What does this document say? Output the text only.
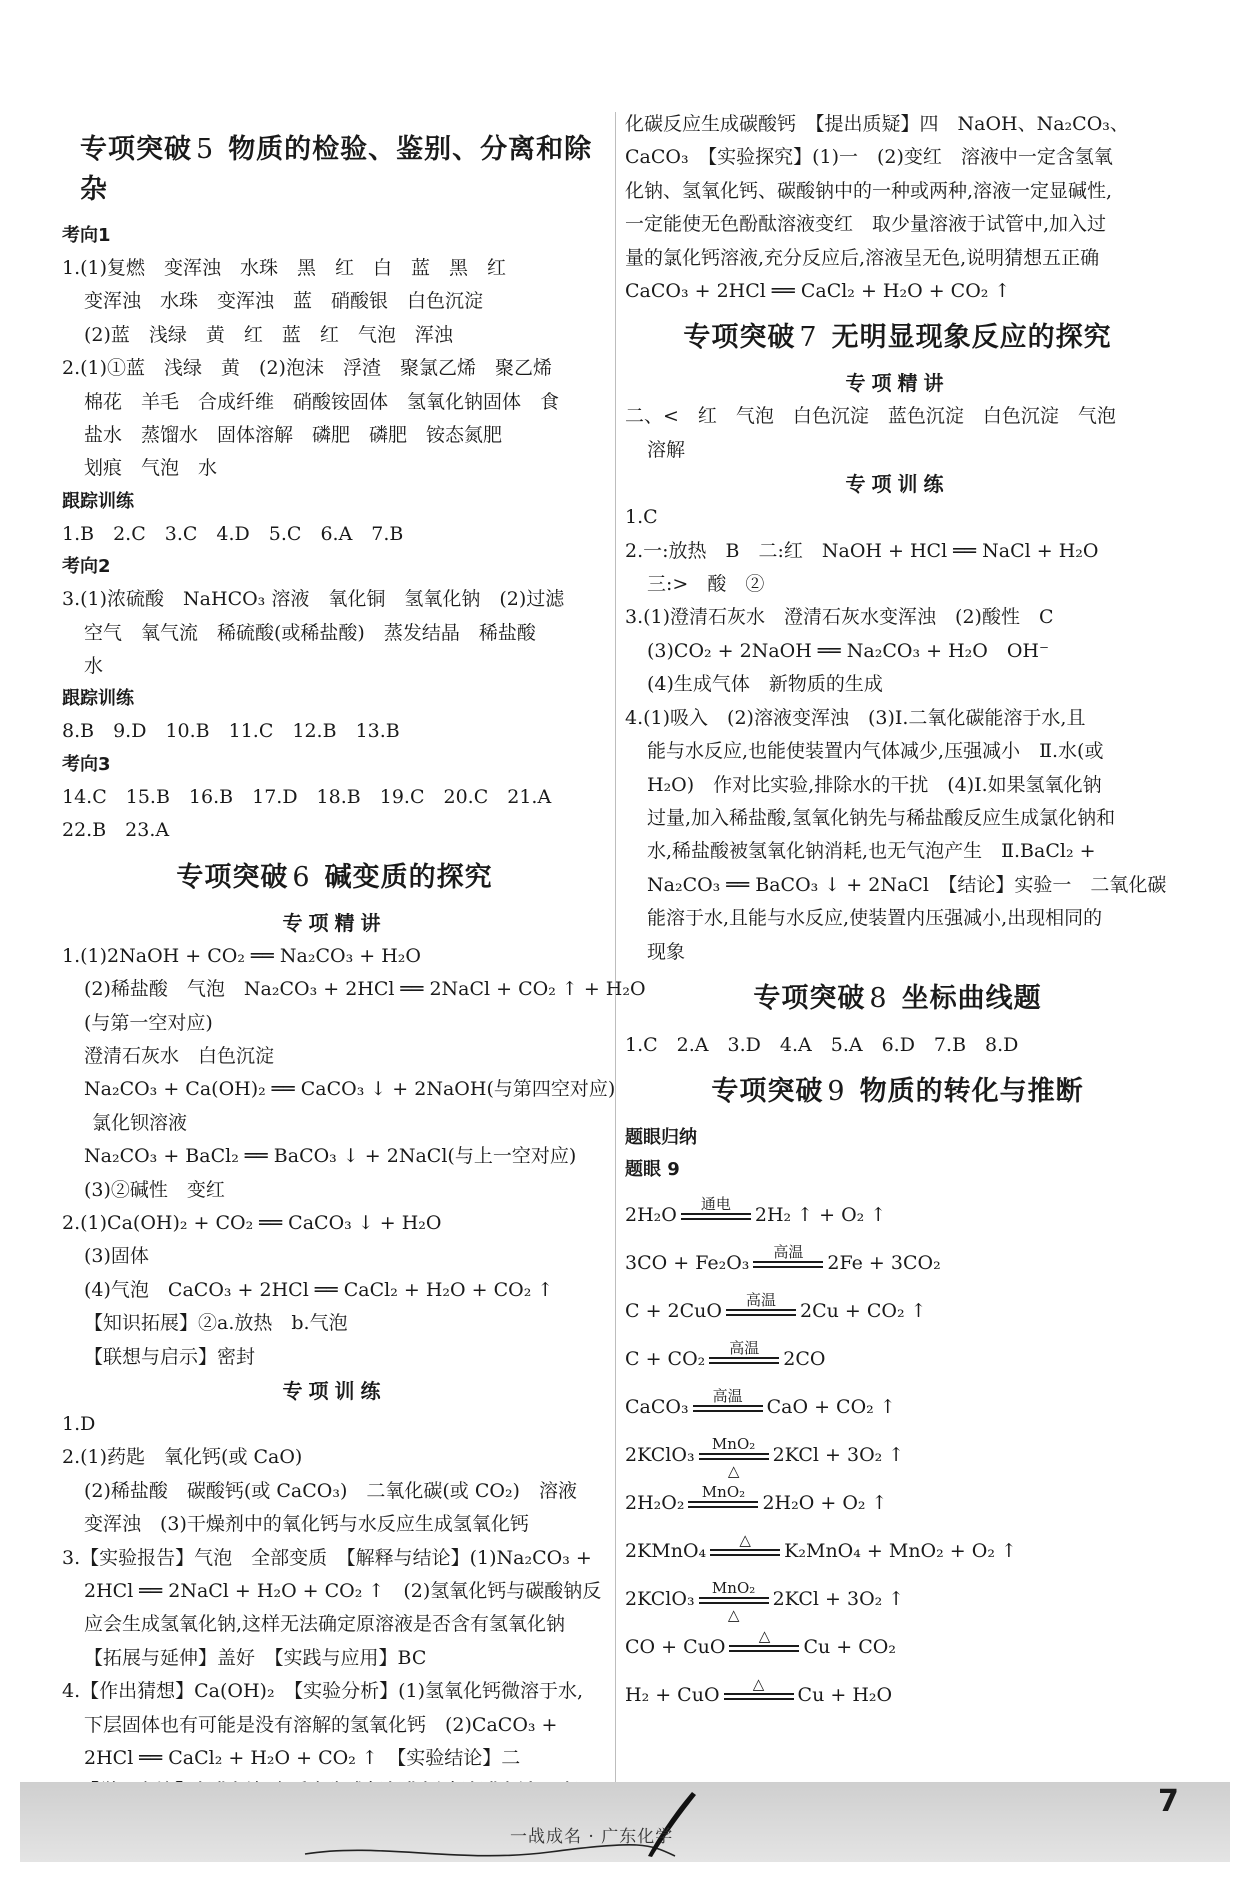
专项突破 5 物质的检验、鉴别、分离和除杂
考向1
1.(1)复燃　变浑浊　水珠　黑　红　白　蓝　黑　红
变浑浊　水珠　变浑浊　蓝　硝酸银　白色沉淀
(2)蓝　浅绿　黄　红　蓝　红　气泡　浑浊
2.(1)①蓝　浅绿　黄　(2)泡沫　浮渣　聚氯乙烯　聚乙烯
棉花　羊毛　合成纤维　硝酸铵固体　氢氧化钠固体　食
盐水　蒸馏水　固体溶解　磷肥　磷肥　铵态氮肥
划痕　气泡　水
跟踪训练
1.B　2.C　3.C　4.D　5.C　6.A　7.B
考向2
3.(1)浓硫酸　NaHCO₃ 溶液　氧化铜　氢氧化钠　(2)过滤
空气　氧气流　稀硫酸(或稀盐酸)　蒸发结晶　稀盐酸
水
跟踪训练
8.B　9.D　10.B　11.C　12.B　13.B
考向3
14.C　15.B　16.B　17.D　18.B　19.C　20.C　21.A
22.B　23.A
专项突破 6 碱变质的探究
专项精讲
1.(1)2NaOH + CO₂ ══ Na₂CO₃ + H₂O
(2)稀盐酸　气泡　Na₂CO₃ + 2HCl ══ 2NaCl + CO₂ ↑ + H₂O
(与第一空对应)
澄清石灰水　白色沉淀
Na₂CO₃ + Ca(OH)₂ ══ CaCO₃ ↓ + 2NaOH(与第四空对应)
氯化钡溶液
Na₂CO₃ + BaCl₂ ══ BaCO₃ ↓ + 2NaCl(与上一空对应)
(3)②碱性　变红
2.(1)Ca(OH)₂ + CO₂ ══ CaCO₃ ↓ + H₂O
(3)固体
(4)气泡　CaCO₃ + 2HCl ══ CaCl₂ + H₂O + CO₂ ↑
【知识拓展】②a.放热　b.气泡
【联想与启示】密封
专项训练
1.D
2.(1)药匙　氧化钙(或 CaO)
(2)稀盐酸　碳酸钙(或 CaCO₃)　二氧化碳(或 CO₂)　溶液
变浑浊　(3)干燥剂中的氧化钙与水反应生成氢氧化钙
3.【实验报告】气泡　全部变质　【解释与结论】(1)Na₂CO₃ +
2HCl ══ 2NaCl + H₂O + CO₂ ↑　(2)氢氧化钙与碳酸钠反
应会生成氢氧化钠,这样无法确定原溶液是否含有氢氧化钠
【拓展与延伸】盖好　【实践与应用】BC
4.【作出猜想】Ca(OH)₂　【实验分析】(1)氢氧化钙微溶于水,
下层固体也有可能是没有溶解的氢氧化钙　(2)CaCO₃ +
2HCl ══ CaCl₂ + H₂O + CO₂ ↑　【实验结论】二
化碳反应生成碳酸钙　【提出质疑】四　NaOH、Na₂CO₃、
CaCO₃　【实验探究】(1)一　(2)变红　溶液中一定含氢氧
化钠、氢氧化钙、碳酸钠中的一种或两种,溶液一定显碱性,
一定能使无色酚酞溶液变红　取少量溶液于试管中,加入过
量的氯化钙溶液,充分反应后,溶液呈无色,说明猜想五正确
CaCO₃ + 2HCl ══ CaCl₂ + H₂O + CO₂ ↑
专项突破 7 无明显现象反应的探究
专项精讲
二、<　红　气泡　白色沉淀　蓝色沉淀　白色沉淀　气泡
溶解
专项训练
1.C
2.一:放热　B　二:红　NaOH + HCl ══ NaCl + H₂O
三:>　酸　②
3.(1)澄清石灰水　澄清石灰水变浑浊　(2)酸性　C
(3)CO₂ + 2NaOH ══ Na₂CO₃ + H₂O　OH⁻
(4)生成气体　新物质的生成
4.(1)吸入　(2)溶液变浑浊　(3)Ⅰ.二氧化碳能溶于水,且
能与水反应,也能使装置内气体减少,压强减小　Ⅱ.水(或
H₂O)　作对比实验,排除水的干扰　(4)Ⅰ.如果氢氧化钠
过量,加入稀盐酸,氢氧化钠先与稀盐酸反应生成氯化钠和
水,稀盐酸被氢氧化钠消耗,也无气泡产生　Ⅱ.BaCl₂ +
Na₂CO₃ ══ BaCO₃ ↓ + 2NaCl　【结论】实验一　二氧化碳
能溶于水,且能与水反应,使装置内压强减小,出现相同的
现象
专项突破 8 坐标曲线题
1.C　2.A　3.D　4.A　5.A　6.D　7.B　8.D
专项突破 9 物质的转化与推断
题眼归纳
题眼 9
2H₂O	通电	2H₂ ↑ + O₂ ↑
3CO + Fe₂O₃	高温	2Fe + 3CO₂
C + 2CuO	高温	2Cu + CO₂ ↑
C + CO₂	高温	2CO
CaCO₃	高温	CaO + CO₂ ↑
2KClO₃	MnO₂
△
2KCl + 3O₂ ↑
2H₂O₂	MnO₂ 2H₂O + O₂ ↑
2KMnO₄	△	K₂MnO₄ + MnO₂ + O₂ ↑
2KClO₃	MnO₂
△
2KCl + 3O₂ ↑
CO + CuO	△	Cu + CO₂
H₂ + CuO	△	Cu + H₂O
一战成名 · 广东化学
7
